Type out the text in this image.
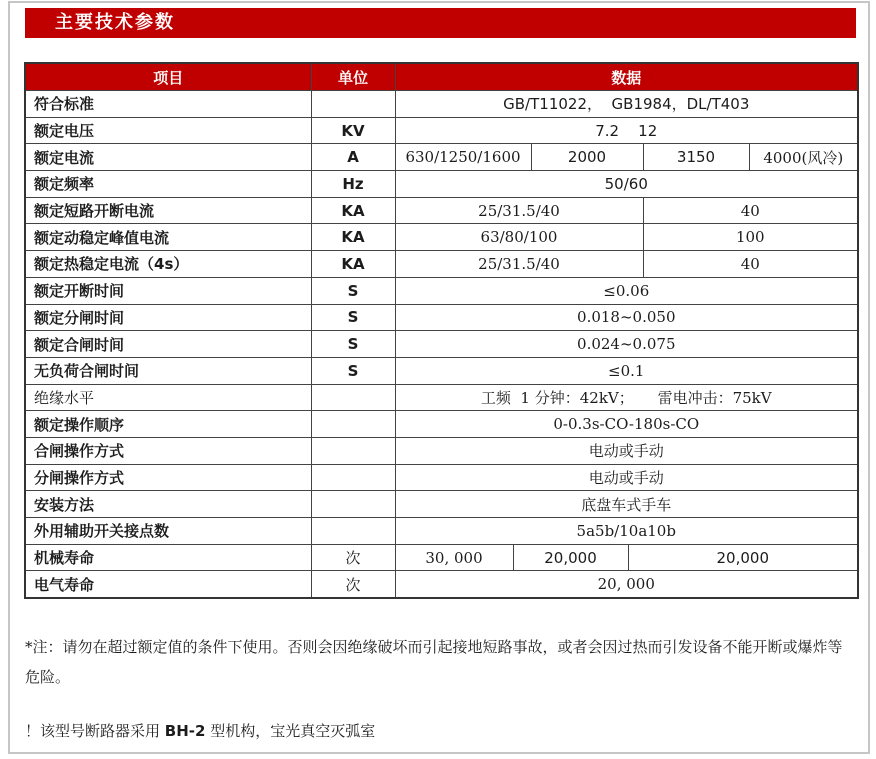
主要技术参数
项目	单位	数据					
符合标准		GB/T11022，  GB1984，DL/T403					
额定电压	KV	7.2    12					
额定电流	A	630/1250/1600		2000		3150	4000(风冷)
额定频率	Hz	50/60					
额定短路开断电流	KA	25/31.5/40				40	
额定动稳定峰值电流	KA	63/80/100				100	
额定热稳定电流（4s）	KA	25/31.5/40				40	
额定开断时间	S	≤0.06					
额定分闸时间	S	0.018~0.050					
额定合闸时间	S	0.024~0.075					
无负荷合闸时间	S	≤0.1					
绝缘水平		工频  1 分钟：42kV；     雷电冲击：75kV					
额定操作顺序		0-0.3s-CO-180s-CO					
合闸操作方式		电动或手动					
分闸操作方式		电动或手动					
安装方法		底盘车式手车					
外用辅助开关接点数		5a5b/10a10b					
机械寿命	次	30, 000	20,000		20,000		
电气寿命	次	20, 000					

*注：请勿在超过额定值的条件下使用。否则会因绝缘破坏而引起接地短路事故，或者会因过热而引发设备不能开断或爆炸等危险。

！该型号断路器采用 BH-2 型机构，宝光真空灭弧室
